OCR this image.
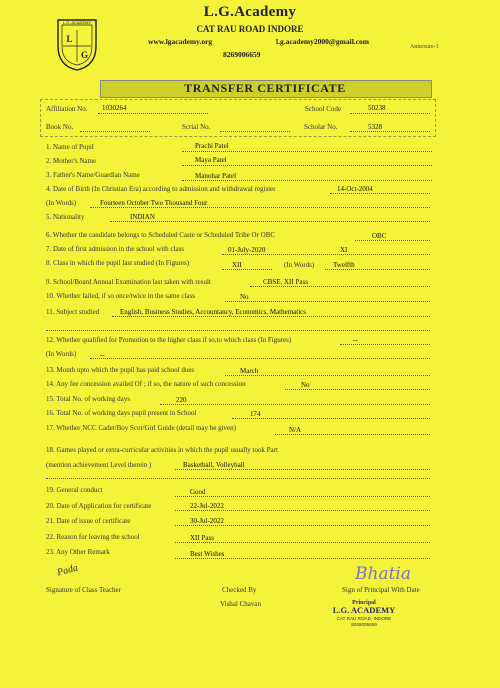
L.G. ACADEMY
L
G
L.G.Academy
CAT RAU ROAD INDORE
www.lgacademy.org	l.g.academy2000@gmail.com
8269006659
Annexure-1
TRANSFER CERTIFICATE
Affiliation No. 1030264	School Code	50238
Book No.	Scrial No.	Scholar No.	5328
1. Name of Pupil	Prachi Patel
2. Mother's Name	Maya Patel
3. Father's Name/Guardian Name	Manohar Patel
4. Date of Birth (In Christian Era) according to admission and withdrawal register	14-Oct-2004
(In Words)	Fourteen October Two Thousand Four
5. Nationality	INDIAN
6. Whether the candidate belongs to Scheduled Caste or Scheduled Tribe Or OBC	OBC
7. Date of first admission in the school with class	01-July-2020	XI
8. Class in which the pupil last studied (In Figures)	XII	(In Words)	Twelfth
9. School/Board Annual Examination last taken with result	CBSE, XII Pass
10. Whether failed, if so once/twice in the same class	No
11. Subject studied	English, Business Studies, Accountancy, Economics, Mathematics
12. Whether qualified for Promotion to the higher class if so,to which class (In Figures)	--
(In Words)	--
13. Month upto which the pupil has paid school dues	March
14. Any fee concession availed Of ; if so, the nature of such concession	No
15. Total No. of working days	220
16. Total No. of working days pupil present in School	174
17. Whether NCC Cadet/Boy Scot/Girl Guide (detail may be given)	N/A
18. Games played or extra-curricular activities in which the pupil usually took Part
(mention achievement Level therein )	Basketball, Volleyball
19. General conduct	Good
20. Date of Application for certificate	22-Jul-2022
21. Date of issue of certificate	30-Jul-2022
22. Reason for leaving the school	XII Pass
23. Any Other Remark	Best Wishes
Pada
Signature of Class Teacher	Checked By
Vishal Chavan
Sign of Principal With Date
Bhatia
Principal
L.G. ACADEMY
CAT RAU ROAD, INDORE
8269006659
